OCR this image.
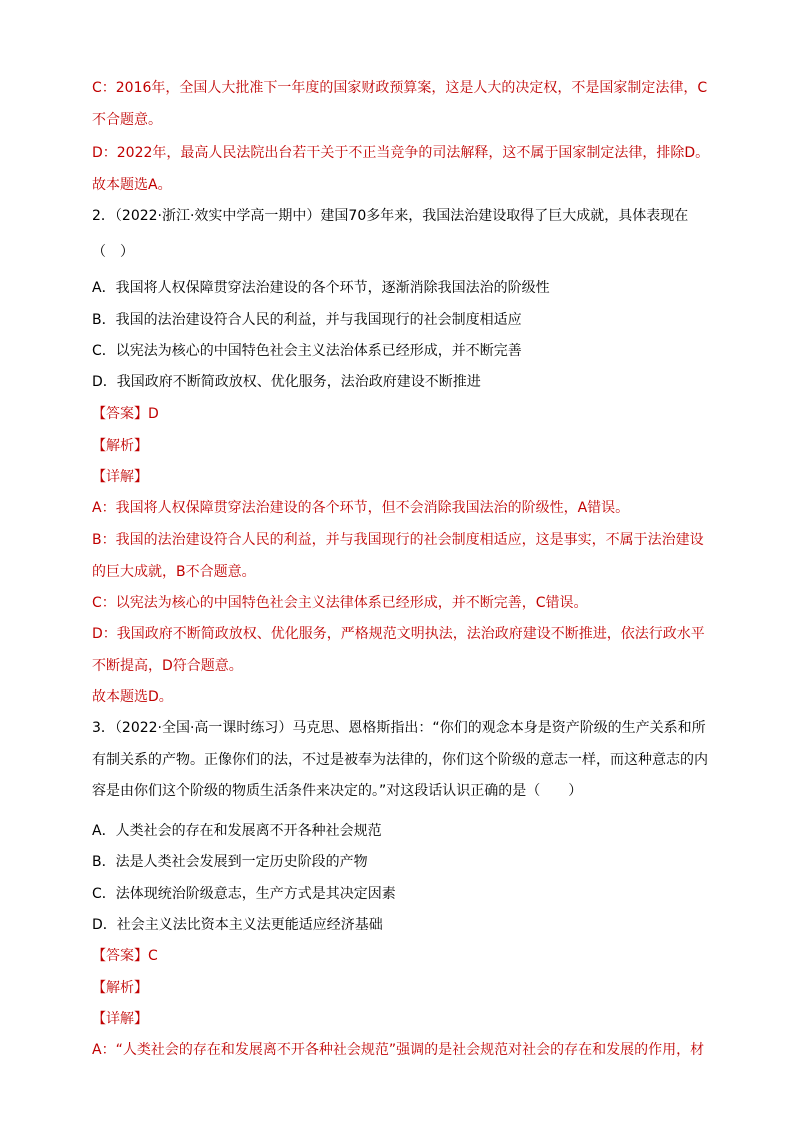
C：2016年，全国人大批准下一年度的国家财政预算案，这是人大的决定权，不是国家制定法律，C
不合题意。
D：2022年，最高人民法院出台若干关于不正当竞争的司法解释，这不属于国家制定法律，排除D。
故本题选A。
2．（2022·浙江·效实中学高一期中）建国70多年来，我国法治建设取得了巨大成就，具体表现在
（　）
A．我国将人权保障贯穿法治建设的各个环节，逐渐消除我国法治的阶级性
B．我国的法治建设符合人民的利益，并与我国现行的社会制度相适应
C．以宪法为核心的中国特色社会主义法治体系已经形成，并不断完善
D．我国政府不断简政放权、优化服务，法治政府建设不断推进
【答案】D
【解析】
【详解】
A：我国将人权保障贯穿法治建设的各个环节，但不会消除我国法治的阶级性，A错误。
B：我国的法治建设符合人民的利益，并与我国现行的社会制度相适应，这是事实，不属于法治建设
的巨大成就，B不合题意。
C：以宪法为核心的中国特色社会主义法律体系已经形成，并不断完善，C错误。
D：我国政府不断简政放权、优化服务，严格规范文明执法，法治政府建设不断推进，依法行政水平
不断提高，D符合题意。
故本题选D。
3．（2022·全国·高一课时练习）马克思、恩格斯指出：“你们的观念本身是资产阶级的生产关系和所
有制关系的产物。正像你们的法，不过是被奉为法律的，你们这个阶级的意志一样，而这种意志的内
容是由你们这个阶级的物质生活条件来决定的。”对这段话认识正确的是（　　）
A．人类社会的存在和发展离不开各种社会规范
B．法是人类社会发展到一定历史阶段的产物
C．法体现统治阶级意志，生产方式是其决定因素
D．社会主义法比资本主义法更能适应经济基础
【答案】C
【解析】
【详解】
A：“人类社会的存在和发展离不开各种社会规范”强调的是社会规范对社会的存在和发展的作用，材
